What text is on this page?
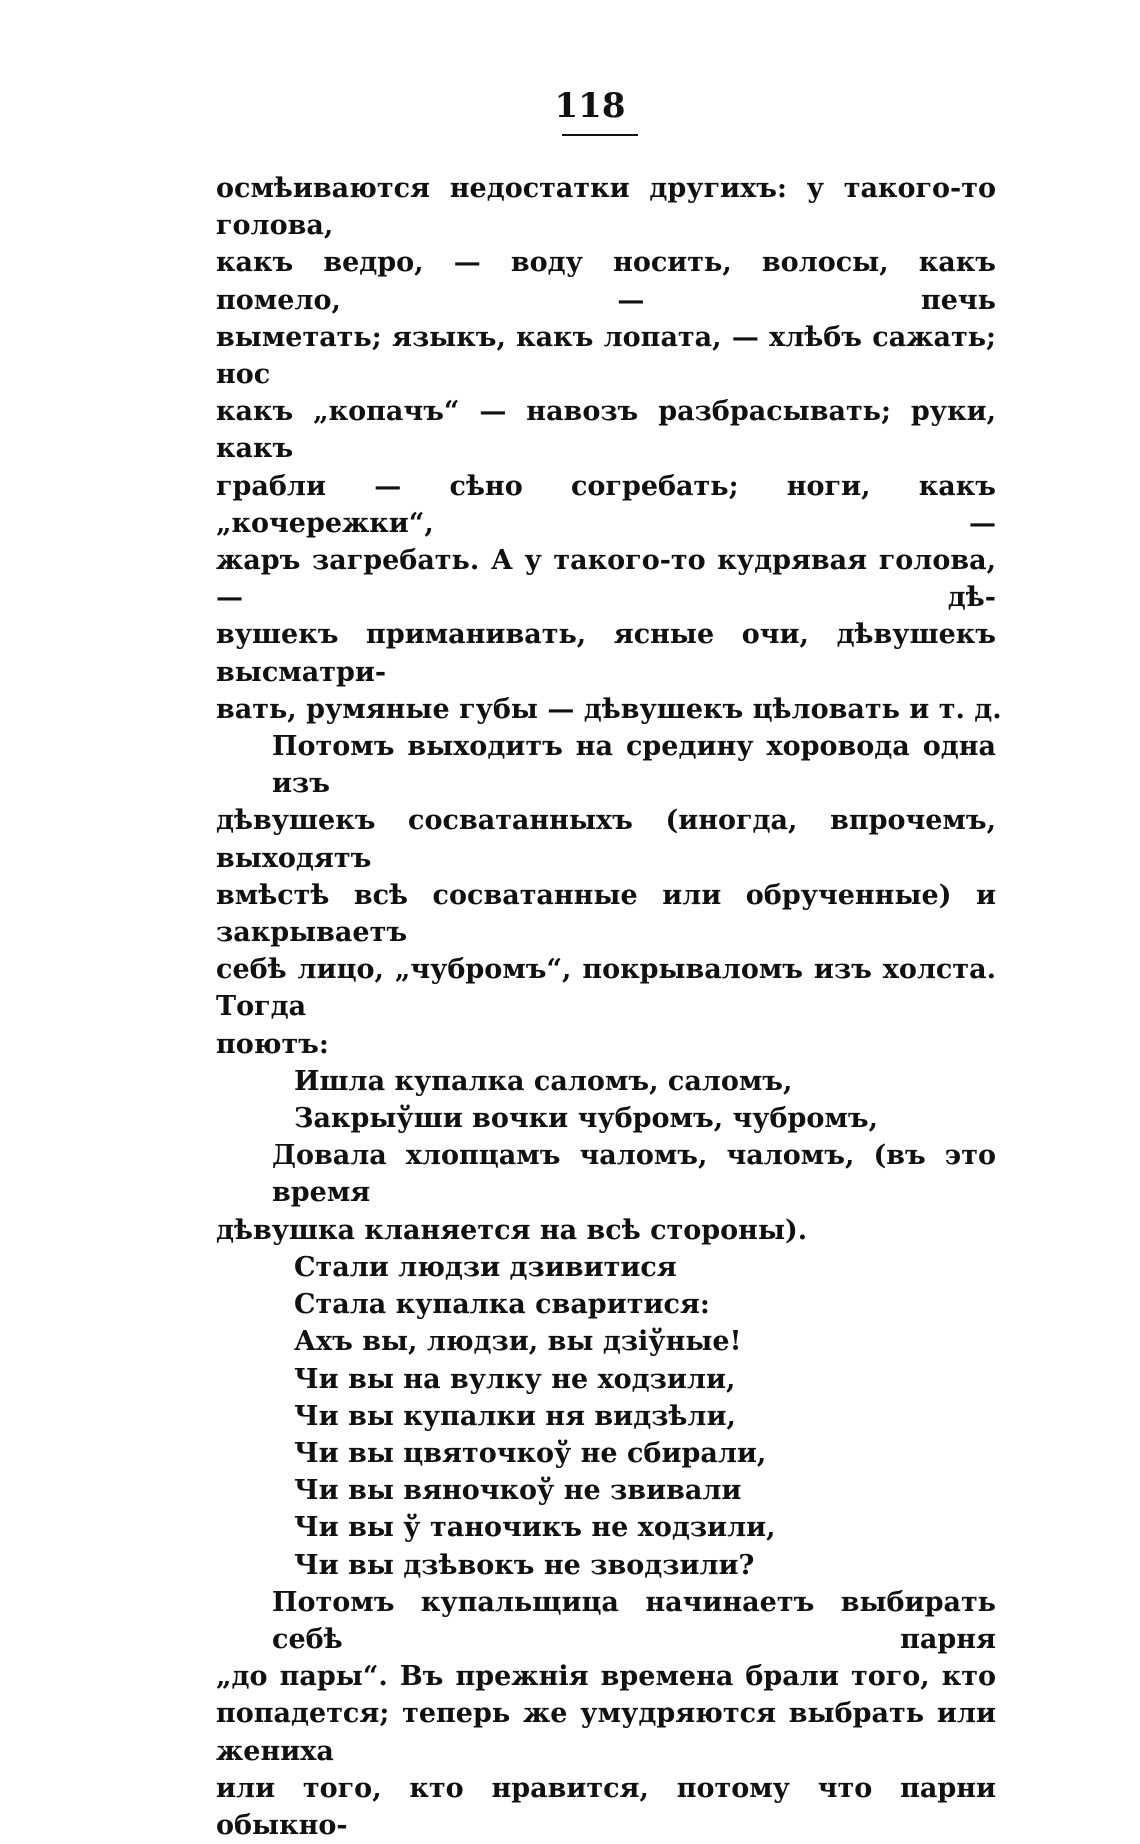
118
осмѣиваются недостатки другихъ: у такого-то голова,
какъ ведро, — воду носить, волосы, какъ помело, — печь
выметать; языкъ, какъ лопата, — хлѣбъ сажать; нос
какъ „копачъ“ — навозъ разбрасывать; руки, какъ
грабли — сѣно согребать; ноги, какъ „кочережки“, —
жаръ загребать. А у такого-то кудрявая голова, — дѣ-
вушекъ приманивать, ясные очи, дѣвушекъ высматри-
вать, румяные губы — дѣвушекъ цѣловать и т. д.
Потомъ выходитъ на средину хоровода одна изъ
дѣвушекъ сосватанныхъ (иногда, впрочемъ, выходятъ
вмѣстѣ всѣ сосватанные или обрученные) и закрываетъ
себѣ лицо, „чубромъ“, покрываломъ изъ холста. Тогда
поютъ:
Ишла купалка саломъ, саломъ,
Закрыўши вочки чубромъ, чубромъ,
Довала хлопцамъ чаломъ, чаломъ, (въ это время
дѣвушка кланяется на всѣ стороны).
Стали людзи дзивитися
Стала купалка сваритися:
Ахъ вы, людзи, вы дзіўные!
Чи вы на вулку не ходзили,
Чи вы купалки ня видзѣли,
Чи вы цвяточкоў не сбирали,
Чи вы вяночкоў не звивали
Чи вы ў таночикъ не ходзили,
Чи вы дзѣвокъ не зводзили?
Потомъ купальщица начинаетъ выбирать себѣ парня
„до пары“. Въ прежнія времена брали того, кто
попадется; теперь же умудряются выбрать или жениха
или того, кто нравится, потому что парни обыкно-
